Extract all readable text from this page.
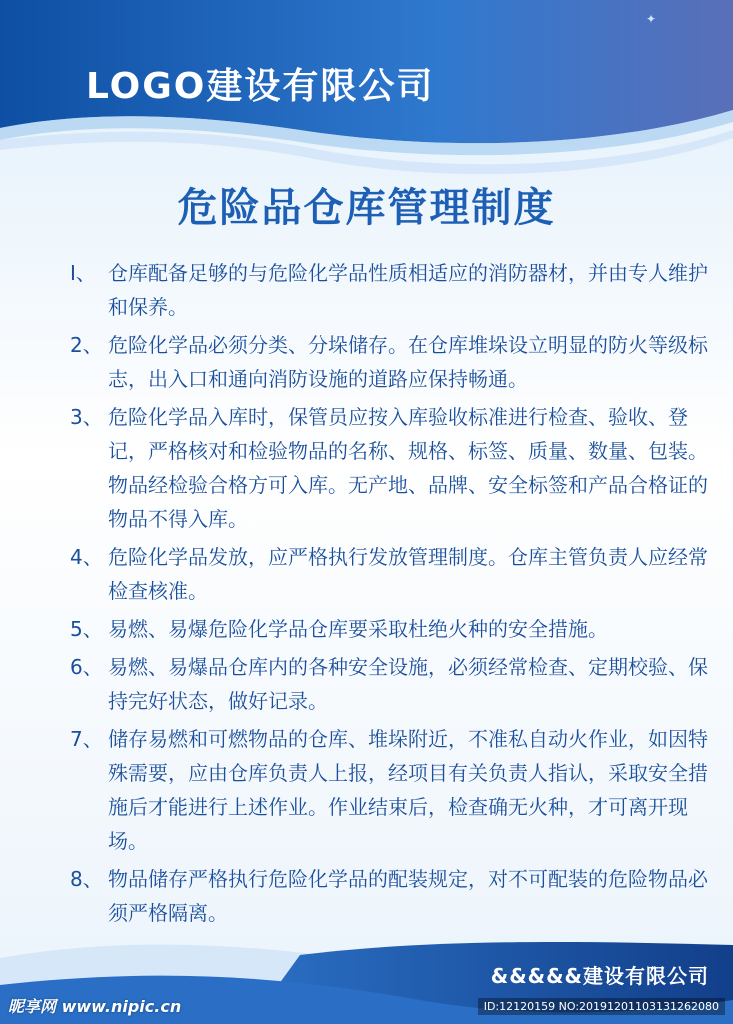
✦
LOGO建设有限公司
危险品仓库管理制度
I、 仓库配备足够的与危险化学品性质相适应的消防器材，并由专人维护和保养。
2、 危险化学品必须分类、分垛储存。在仓库堆垛设立明显的防火等级标志，出入口和通向消防设施的道路应保持畅通。
3、 危险化学品入库时，保管员应按入库验收标准进行检查、验收、登记，严格核对和检验物品的名称、规格、标签、质量、数量、包装。物品经检验合格方可入库。无产地、品牌、安全标签和产品合格证的物品不得入库。
4、 危险化学品发放，应严格执行发放管理制度。仓库主管负责人应经常检查核准。
5、 易燃、易爆危险化学品仓库要采取杜绝火种的安全措施。
6、 易燃、易爆品仓库内的各种安全设施，必须经常检查、定期校验、保持完好状态，做好记录。
7、 储存易燃和可燃物品的仓库、堆垛附近，不准私自动火作业，如因特殊需要，应由仓库负责人上报，经项目有关负责人指认，采取安全措施后才能进行上述作业。作业结束后，检查确无火种，才可离开现场。
8、 物品储存严格执行危险化学品的配装规定，对不可配装的危险物品必须严格隔离。
&&&&&建设有限公司
昵享网 www.nipic.cn	ID:12120159 NO:20191201103131262080
